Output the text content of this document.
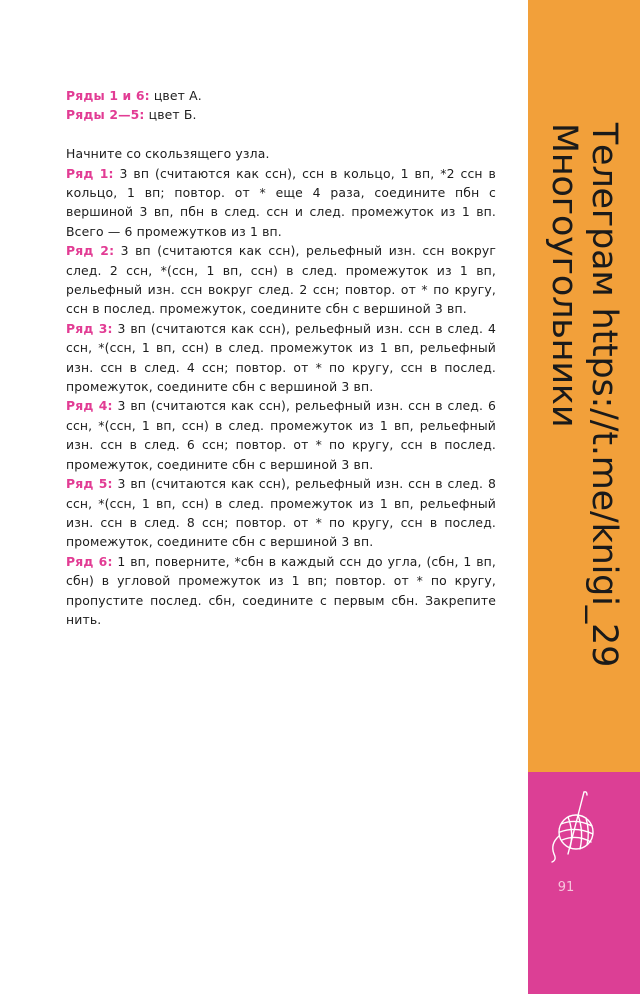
Телеграм https://t.me/knigi_29
Многоугольники
91

Ряды 1 и 6: цвет А.

Ряды 2—5: цвет Б.

Начните со скользящего узла.

Ряд 1: 3 вп (считаются как ссн), ссн в кольцо, 1 вп, *2 ссн в кольцо, 1 вп; повтор. от * еще 4 раза, соедините пбн с вершиной 3 вп, пбн в след. ссн и след. промежуток из 1 вп. Всего — 6 промежутков из 1 вп.

Ряд 2: 3 вп (считаются как ссн), рельефный изн. ссн вокруг след. 2 ссн, *(ссн, 1 вп, ссн) в след. промежуток из 1 вп, рельефный изн. ссн вокруг след. 2 ссн; повтор. от * по кругу, ссн в послед. промежуток, соедините сбн с вершиной 3 вп.

Ряд 3: 3 вп (считаются как ссн), рельефный изн. ссн в след. 4 ссн, *(ссн, 1 вп, ссн) в след. промежуток из 1 вп, рельефный изн. ссн в след. 4 ссн; повтор. от * по кругу, ссн в послед. промежуток, соедините сбн с вершиной 3 вп.

Ряд 4: 3 вп (считаются как ссн), рельефный изн. ссн в след. 6 ссн, *(ссн, 1 вп, ссн) в след. промежуток из 1 вп, рельефный изн. ссн в след. 6 ссн; повтор. от * по кругу, ссн в послед. промежуток, соедините сбн с вершиной 3 вп.

Ряд 5: 3 вп (считаются как ссн), рельефный изн. ссн в след. 8 ссн, *(ссн, 1 вп, ссн) в след. промежуток из 1 вп, рельефный изн. ссн в след. 8 ссн; повтор. от * по кругу, ссн в послед. промежуток, соедините сбн с вершиной 3 вп.

Ряд 6: 1 вп, поверните, *сбн в каждый ссн до угла, (сбн, 1 вп, сбн) в угловой промежуток из 1 вп; повтор. от * по кругу, пропустите послед. сбн, соедините с первым сбн. Закрепите нить.
